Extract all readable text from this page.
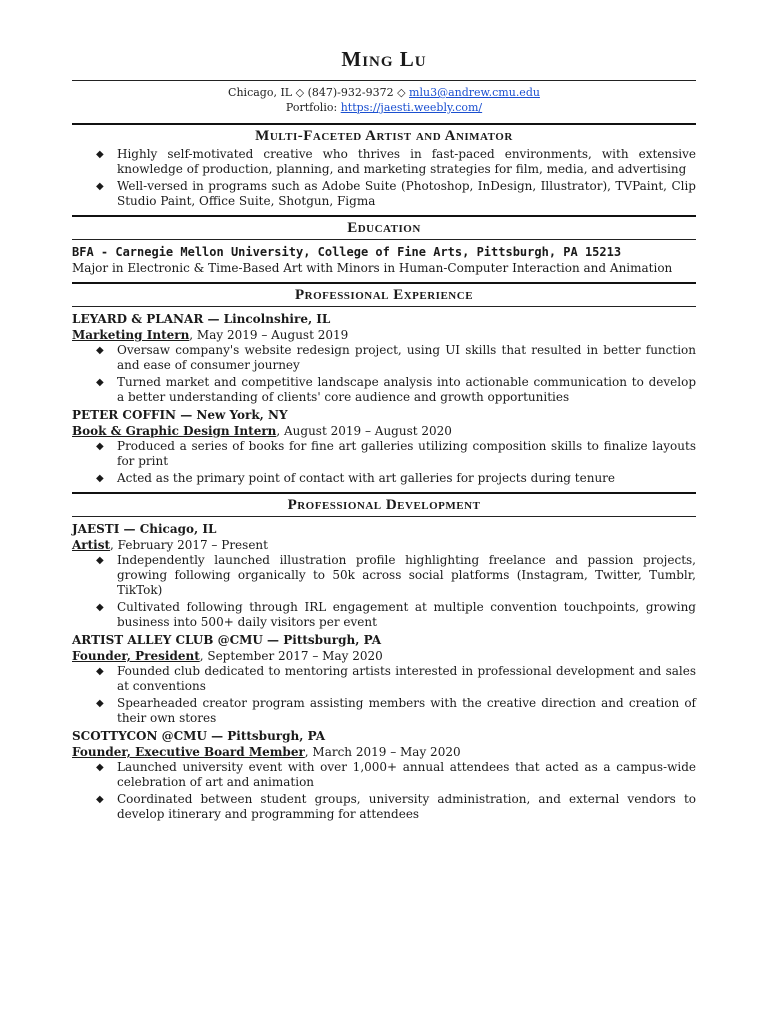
Ming Lu
Chicago, IL ◇ (847)-932-9372 ◇ mlu3@andrew.cmu.edu
Portfolio: https://jaesti.weebly.com/
Multi-Faceted Artist and Animator
◆ Highly self-motivated creative who thrives in fast-paced environments, with extensive knowledge of production, planning, and marketing strategies for film, media, and advertising
◆ Well-versed in programs such as Adobe Suite (Photoshop, InDesign, Illustrator), TVPaint, Clip Studio Paint, Office Suite, Shotgun, Figma
Education
BFA - Carnegie Mellon University, College of Fine Arts, Pittsburgh, PA 15213
Major in Electronic & Time-Based Art with Minors in Human-Computer Interaction and Animation
Professional Experience
LEYARD & PLANAR — Lincolnshire, IL
Marketing Intern, May 2019 – August 2019
◆ Oversaw company's website redesign project, using UI skills that resulted in better function and ease of consumer journey
◆ Turned market and competitive landscape analysis into actionable communication to develop a better understanding of clients' core audience and growth opportunities
PETER COFFIN — New York, NY
Book & Graphic Design Intern, August 2019 – August 2020
◆ Produced a series of books for fine art galleries utilizing composition skills to finalize layouts for print
◆ Acted as the primary point of contact with art galleries for projects during tenure
Professional Development
JAESTI — Chicago, IL
Artist, February 2017 – Present
◆ Independently launched illustration profile highlighting freelance and passion projects, growing following organically to 50k across social platforms (Instagram, Twitter, Tumblr, TikTok)
◆ Cultivated following through IRL engagement at multiple convention touchpoints, growing business into 500+ daily visitors per event
ARTIST ALLEY CLUB @CMU — Pittsburgh, PA
Founder, President, September 2017 – May 2020
◆ Founded club dedicated to mentoring artists interested in professional development and sales at conventions
◆ Spearheaded creator program assisting members with the creative direction and creation of their own stores
SCOTTYCON @CMU — Pittsburgh, PA
Founder, Executive Board Member, March 2019 – May 2020
◆ Launched university event with over 1,000+ annual attendees that acted as a campus-wide celebration of art and animation
◆ Coordinated between student groups, university administration, and external vendors to develop itinerary and programming for attendees
